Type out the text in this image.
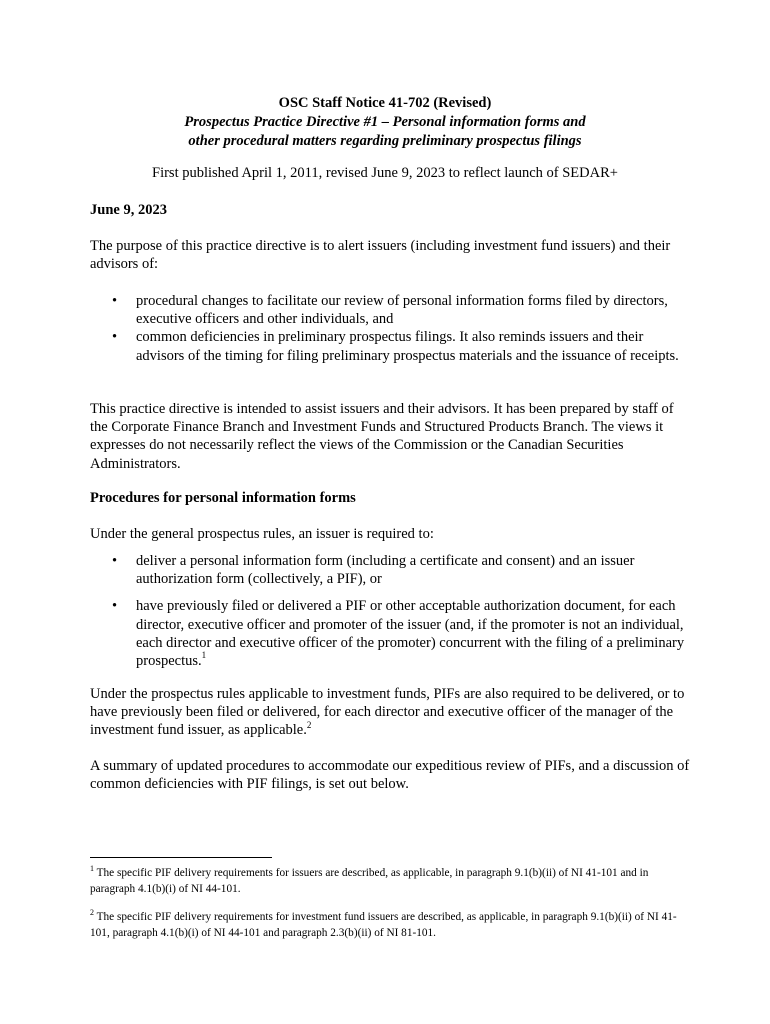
OSC Staff Notice 41-702 (Revised)
Prospectus Practice Directive #1 – Personal information forms and
other procedural matters regarding preliminary prospectus filings
First published April 1, 2011, revised June 9, 2023 to reflect launch of SEDAR+
June 9, 2023
The purpose of this practice directive is to alert issuers (including investment fund issuers) and their advisors of:
• procedural changes to facilitate our review of personal information forms filed by directors, executive officers and other individuals, and
• common deficiencies in preliminary prospectus filings. It also reminds issuers and their advisors of the timing for filing preliminary prospectus materials and the issuance of receipts.
This practice directive is intended to assist issuers and their advisors. It has been prepared by staff of the Corporate Finance Branch and Investment Funds and Structured Products Branch. The views it expresses do not necessarily reflect the views of the Commission or the Canadian Securities Administrators.
Procedures for personal information forms
Under the general prospectus rules, an issuer is required to:
• deliver a personal information form (including a certificate and consent) and an issuer authorization form (collectively, a PIF), or
• have previously filed or delivered a PIF or other acceptable authorization document, for each director, executive officer and promoter of the issuer (and, if the promoter is not an individual, each director and executive officer of the promoter) concurrent with the filing of a preliminary prospectus.$^1$
Under the prospectus rules applicable to investment funds, PIFs are also required to be delivered, or to have previously been filed or delivered, for each director and executive officer of the manager of the investment fund issuer, as applicable.$^2$
A summary of updated procedures to accommodate our expeditious review of PIFs, and a discussion of common deficiencies with PIF filings, is set out below.
$^1$ The specific PIF delivery requirements for issuers are described, as applicable, in paragraph 9.1(b)(ii) of NI 41-101 and in paragraph 4.1(b)(i) of NI 44-101.
$^2$ The specific PIF delivery requirements for investment fund issuers are described, as applicable, in paragraph 9.1(b)(ii) of NI 41-101, paragraph 4.1(b)(i) of NI 44-101 and paragraph 2.3(b)(ii) of NI 81-101.
